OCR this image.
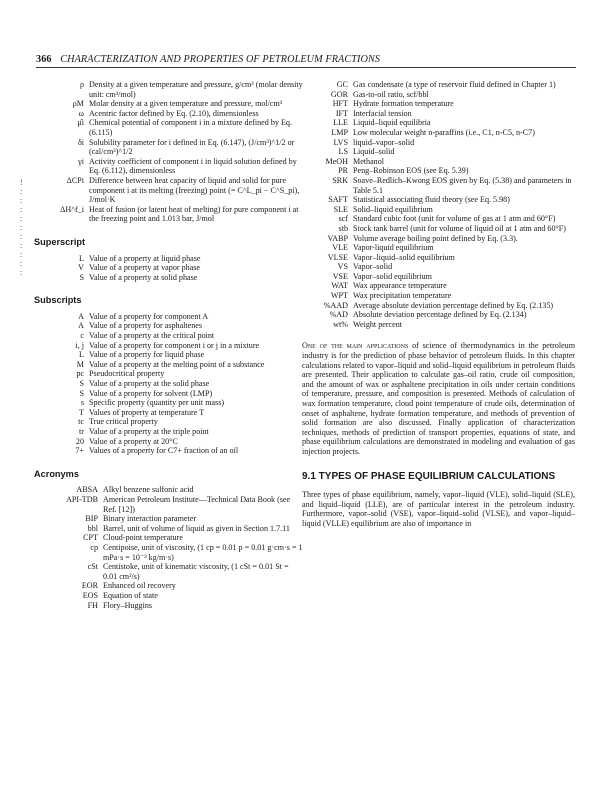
366 CHARACTERIZATION AND PROPERTIES OF PETROLEUM FRACTIONS
!
:
:
:
:
:
:
:
:
:
:
ρ Density at a given temperature and pressure, g/cm³ (molar density unit: cm³/mol)
ρM Molar density at a given temperature and pressure, mol/cm³
ω Acentric factor defined by Eq. (2.10), dimensionless
μ̂i Chemical potential of component i in a mixture defined by Eq. (6.115)
δi Solubility parameter for i defined in Eq. (6.147), (J/cm³)^1/2 or (cal/cm³)^1/2
γi Activity coefficient of component i in liquid solution defined by Eq. (6.112), dimensionless
ΔCPi Difference between heat capacity of liquid and solid for pure component i at its melting (freezing) point (= C^L_pi − C^S_pi), J/mol·K
ΔH^f_i Heat of fusion (or latent heat of melting) for pure component i at the freezing point and 1.013 bar, J/mol
Superscript
L Value of a property at liquid phase
V Value of a property at vapor phase
S Value of a property at solid phase
Subscripts
A Value of a property for component A
A Value of a property for asphaltenes
c Value of a property at the critical point
i, j Value of a property for component i or j in a mixture
L Value of a property for liquid phase
M Value of a property at the melting point of a substance
pc Pseudocritical property
S Value of a property at the solid phase
S Value of a property for solvent (LMP)
s Specific property (quantity per unit mass)
T Values of property at temperature T
tc True critical property
tr Value of a property at the triple point
20 Value of a property at 20°C
7+ Values of a property for C7+ fraction of an oil
Acronyms
ABSA Alkyl benzene sulfonic acid
API-TDB American Petroleum Institute—Technical Data Book (see Ref. [12])
BIP Binary interaction parameter
bbl Barrel, unit of volume of liquid as given in Section 1.7.11
CPT Cloud-point temperature
cp Centipoise, unit of viscosity, (1 cp = 0.01 p = 0.01 g·cm·s = 1 mPa·s = 10⁻³ kg/m·s)
cSt Centistoke, unit of kinematic viscosity, (1 cSt = 0.01 St = 0.01 cm²/s)
EOR Enhanced oil recovery
EOS Equation of state
FH Flory–Huggins
GC Gas condensate (a type of reservoir fluid defined in Chapter 1)
GOR Gas-to-oil ratio, scf/bbl
HFT Hydrate formation temperature
IFT Interfacial tension
LLE Liquid–liquid equilibria
LMP Low molecular weight n-paraffins (i.e., C1, n-C5, n-C7)
LVS liquid–vapor–solid
LS Liquid–solid
MeOH Methanol
PR Peng–Robinson EOS (see Eq. 5.39)
SRK Soave–Redlich–Kwong EOS given by Eq. (5.38) and parameters in Table 5.1
SAFT Statistical associating fluid theory (see Eq. 5.98)
SLE Solid–liquid equilibrium
scf Standard cubic foot (unit for volume of gas at 1 atm and 60°F)
stb Stock tank barrel (unit for volume of liquid oil at 1 atm and 60°F)
VABP Volume average boiling point defined by Eq. (3.3).
VLE Vapor-liquid equilibrium
VLSE Vapor–liquid–solid equilibrium
VS Vapor–solid
VSE Vapor–solid equilibrium
WAT Wax appearance temperature
WPT Wax precipitation temperature
%AAD Average absolute deviation percentage defined by Eq. (2.135)
%AD Absolute deviation percentage defined by Eq. (2.134)
wt% Weight percent
One of the main applications of science of thermodynamics in the petroleum industry is for the prediction of phase behavior of petroleum fluids. In this chapter calculations related to vapor–liquid and solid–liquid equilibrium in petroleum fluids are presented. Their application to calculate gas–oil ratio, crude oil composition, and the amount of wax or asphaltene precipitation in oils under certain conditions of temperature, pressure, and composition is presented. Methods of calculation of wax formation temperature, cloud point temperature of crude oils, determination of onset of asphaltene, hydrate formation temperature, and methods of prevention of solid formation are also discussed. Finally application of characterization techniques, methods of prediction of transport properties, equations of state, and phase equilibrium calculations are demonstrated in modeling and evaluation of gas injection projects.
9.1 TYPES OF PHASE EQUILIBRIUM CALCULATIONS
Three types of phase equilibrium, namely, vapor–liquid (VLE), solid–liquid (SLE), and liquid–liquid (LLE), are of particular interest in the petroleum industry. Furthermore, vapor–solid (VSE), vapor–liquid–solid (VLSE), and vapor–liquid–liquid (VLLE) equilibrium are also of importance in
